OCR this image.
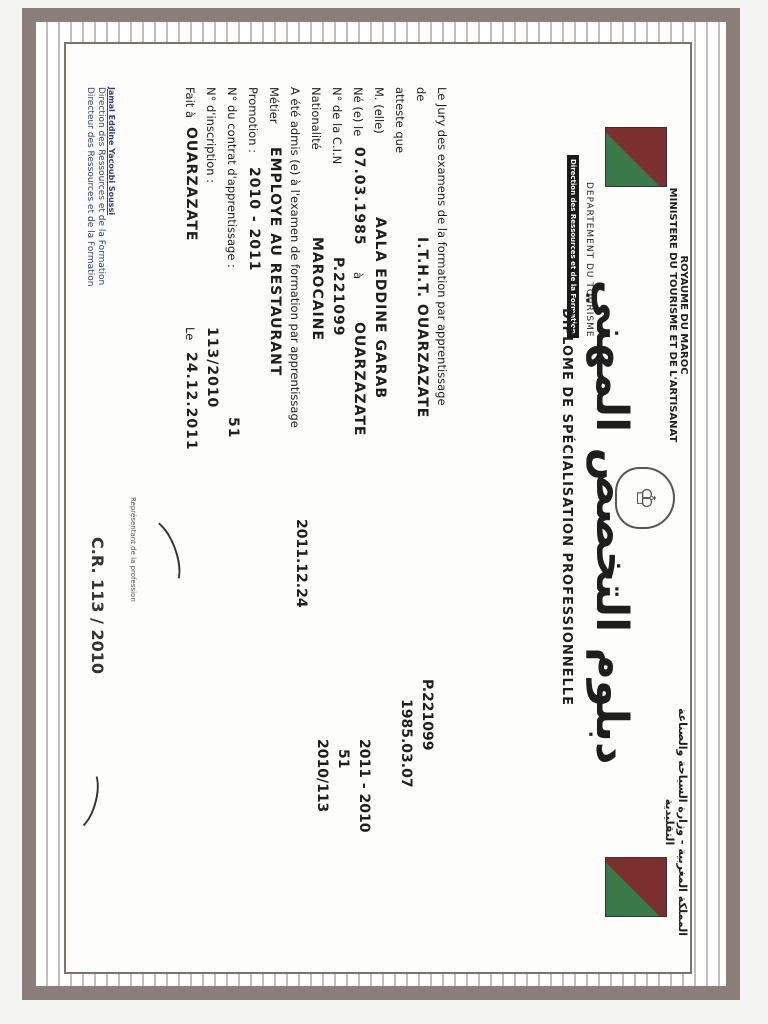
ROYAUME DU MAROC
MINISTERE DU TOURISME ET DE L'ARTISANAT
المملكة المغربية - وزارة السياحة والصناعة التقليدية
♔
DEPARTEMENT DU TOURISME
Direction des Ressources et de la Formation
دبلوم التخصص المهني
DIPLOME DE SPÉCIALISATION PROFESSIONNELLE
Le Jury des examens de la formation par apprentissage
de
I.T.H.T. OUARZAZATE
atteste que
M. (elle)
AALA EDDINE GARAB
Né (e) le
07.03.1985
à
OUARZAZATE
N° de la C.I.N
P.221099
Nationalité
MAROCAINE
A été admis (e) à l'examen de formation par apprentissage
Métier
EMPLOYE AU RESTAURANT
Promotion :
2010 - 2011
N° du contrat d'apprentissage :
51
N° d'inscription :
113/2010
Fait à
OUARZAZATE
Le
24.12.2011
Jamal Eddine Yacoubi Soussi
Direction des Ressources et de la Formation
Directeur des Ressources et de la Formation
Représentant de la profession
C.R. 113 / 2010
P.221099
1985.03.07
2011 - 2010
51
2010/113
2011.12.24
